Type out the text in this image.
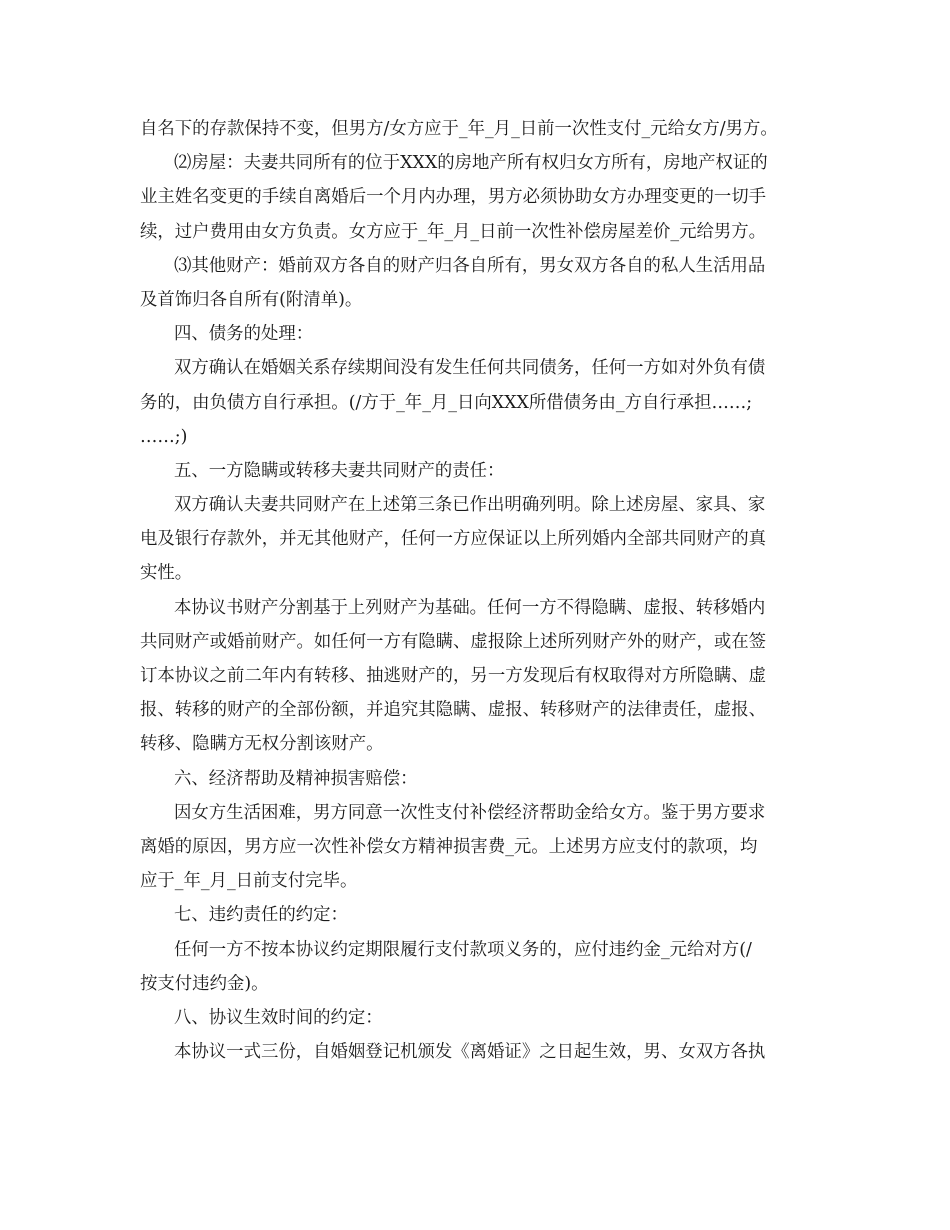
自名下的存款保持不变，但男方/女方应于_年_月_日前一次性支付_元给女方/男方。
⑵房屋：夫妻共同所有的位于XXX的房地产所有权归女方所有，房地产权证的
业主姓名变更的手续自离婚后一个月内办理，男方必须协助女方办理变更的一切手
续，过户费用由女方负责。女方应于_年_月_日前一次性补偿房屋差价_元给男方。
⑶其他财产：婚前双方各自的财产归各自所有，男女双方各自的私人生活用品
及首饰归各自所有(附清单)。
四、债务的处理：
双方确认在婚姻关系存续期间没有发生任何共同债务，任何一方如对外负有债
务的，由负债方自行承担。(/方于_年_月_日向XXX所借债务由_方自行承担……;
……;)
五、一方隐瞒或转移夫妻共同财产的责任：
双方确认夫妻共同财产在上述第三条已作出明确列明。除上述房屋、家具、家
电及银行存款外，并无其他财产，任何一方应保证以上所列婚内全部共同财产的真
实性。
本协议书财产分割基于上列财产为基础。任何一方不得隐瞒、虚报、转移婚内
共同财产或婚前财产。如任何一方有隐瞒、虚报除上述所列财产外的财产，或在签
订本协议之前二年内有转移、抽逃财产的，另一方发现后有权取得对方所隐瞒、虚
报、转移的财产的全部份额，并追究其隐瞒、虚报、转移财产的法律责任，虚报、
转移、隐瞒方无权分割该财产。
六、经济帮助及精神损害赔偿：
因女方生活困难，男方同意一次性支付补偿经济帮助金给女方。鉴于男方要求
离婚的原因，男方应一次性补偿女方精神损害费_元。上述男方应支付的款项，均
应于_年_月_日前支付完毕。
七、违约责任的约定：
任何一方不按本协议约定期限履行支付款项义务的，应付违约金_元给对方(/
按支付违约金)。
八、协议生效时间的约定：
本协议一式三份，自婚姻登记机颁发《离婚证》之日起生效，男、女双方各执
